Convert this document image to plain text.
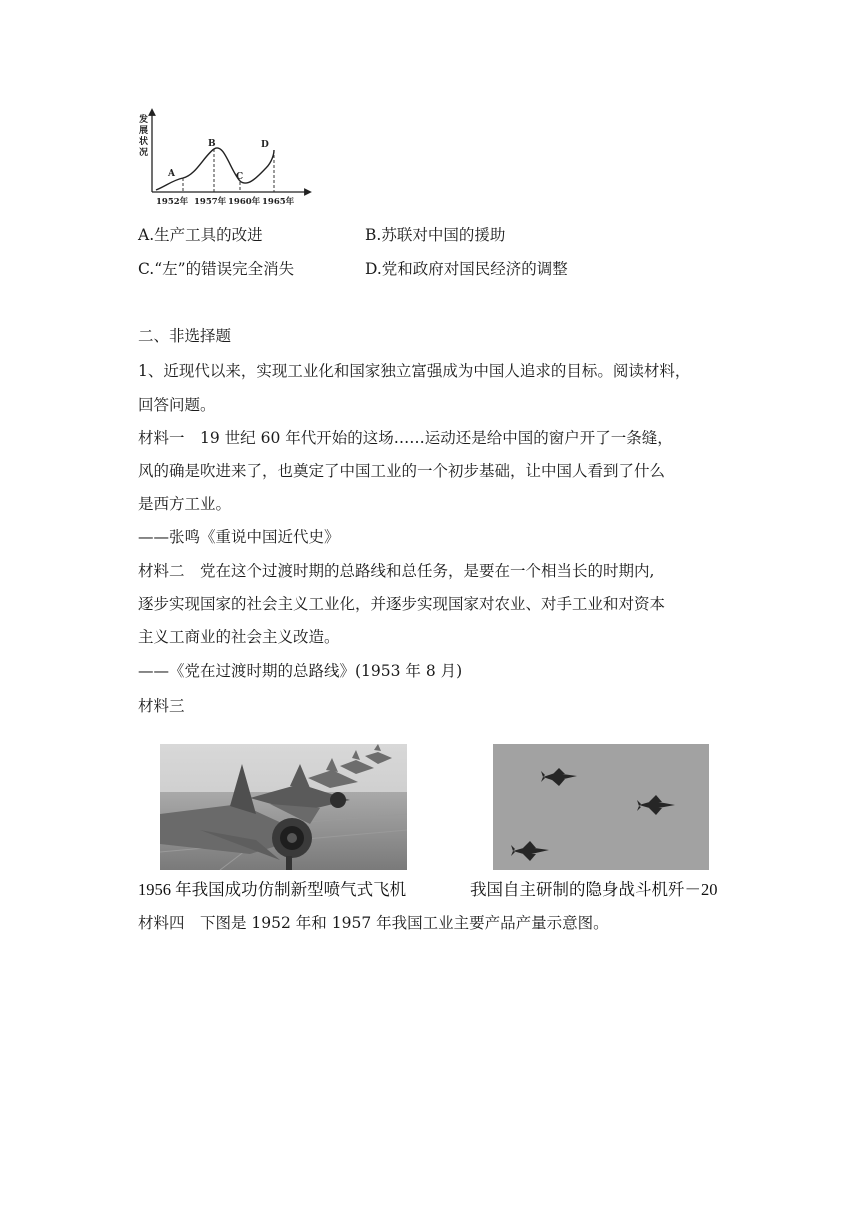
发
展
状
况
A
B
C
D
1952年 1957年 1960年 1965年
A.生产工具的改进	B.苏联对中国的援助
C.“左”的错误完全消失	D.党和政府对国民经济的调整
二、非选择题
1、近现代以来，实现工业化和国家独立富强成为中国人追求的目标。阅读材料，
回答问题。
材料一　19 世纪 60 年代开始的这场……运动还是给中国的窗户开了一条缝，
风的确是吹进来了，也奠定了中国工业的一个初步基础，让中国人看到了什么
是西方工业。
——张鸣《重说中国近代史》
材料二　党在这个过渡时期的总路线和总任务，是要在一个相当长的时期内,
逐步实现国家的社会主义工业化，并逐步实现国家对农业、对手工业和对资本
主义工商业的社会主义改造。
——《党在过渡时期的总路线》(1953 年 8 月)
材料三
1956 年我国成功仿制新型喷气式飞机	我国自主研制的隐身战斗机歼－20
材料四　下图是 1952 年和 1957 年我国工业主要产品产量示意图。
